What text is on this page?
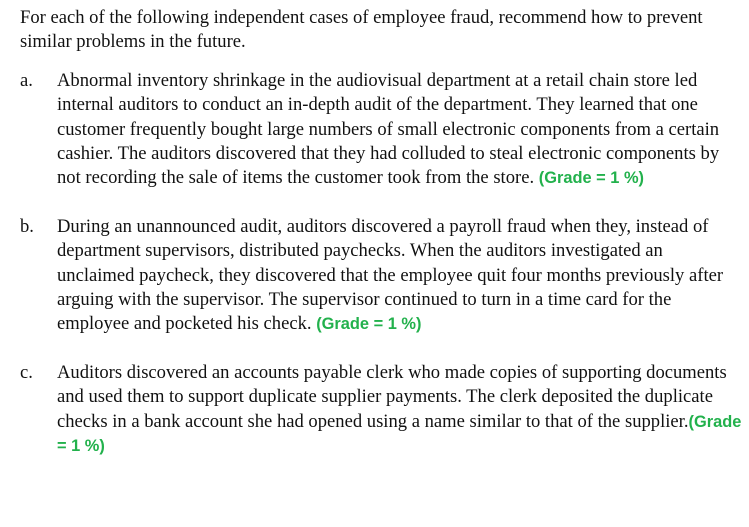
For each of the following independent cases of employee fraud, recommend how to prevent similar problems in the future.

a.	Abnormal inventory shrinkage in the audiovisual department at a retail chain store led internal auditors to conduct an in-depth audit of the department. They learned that one customer frequently bought large numbers of small electronic components from a certain cashier. The auditors discovered that they had colluded to steal electronic components by not recording the sale of items the customer took from the store. (Grade = 1 %)
b.	During an unannounced audit, auditors discovered a payroll fraud when they, instead of department supervisors, distributed paychecks. When the auditors investigated an unclaimed paycheck, they discovered that the employee quit four months previously after arguing with the supervisor. The supervisor continued to turn in a time card for the employee and pocketed his check. (Grade = 1 %)
c.	Auditors discovered an accounts payable clerk who made copies of supporting documents and used them to support duplicate supplier payments. The clerk deposited the duplicate checks in a bank account she had opened using a name similar to that of the supplier.(Grade = 1 %)
